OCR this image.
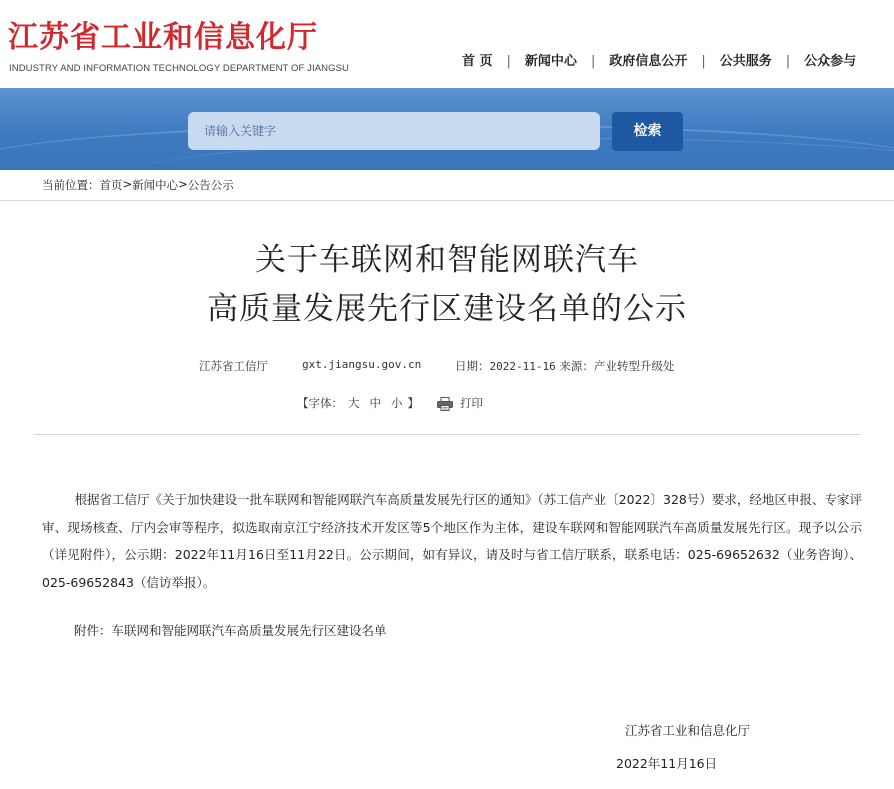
江苏省工业和信息化厅
INDUSTRY AND INFORMATION TECHNOLOGY DEPARTMENT OF JIANGSU	首 页 | 新闻中心 | 政府信息公开 | 公共服务 | 公众参与
请输入关键字
检索
当前位置：首页>新闻中心>公告公示
关于车联网和智能网联汽车
高质量发展先行区建设名单的公示
江苏省工信厅	gxt.jiangsu.gov.cn	日期：2022-11-16 来源：产业转型升级处
【字体： 大 中 小 】	打印

根据省工信厅《关于加快建设一批车联网和智能网联汽车高质量发展先行区的通知》（苏工信产业〔2022〕328号）要求，经地区申报、专家评审、现场核查、厅内会审等程序，拟选取南京江宁经济技术开发区等5个地区作为主体，建设车联网和智能网联汽车高质量发展先行区。现予以公示（详见附件），公示期：2022年11月16日至11月22日。公示期间，如有异议，请及时与省工信厅联系，联系电话：025-69652632（业务咨询）、025-69652843（信访举报）。

附件：车联网和智能网联汽车高质量发展先行区建设名单
江苏省工业和信息化厅
2022年11月16日
